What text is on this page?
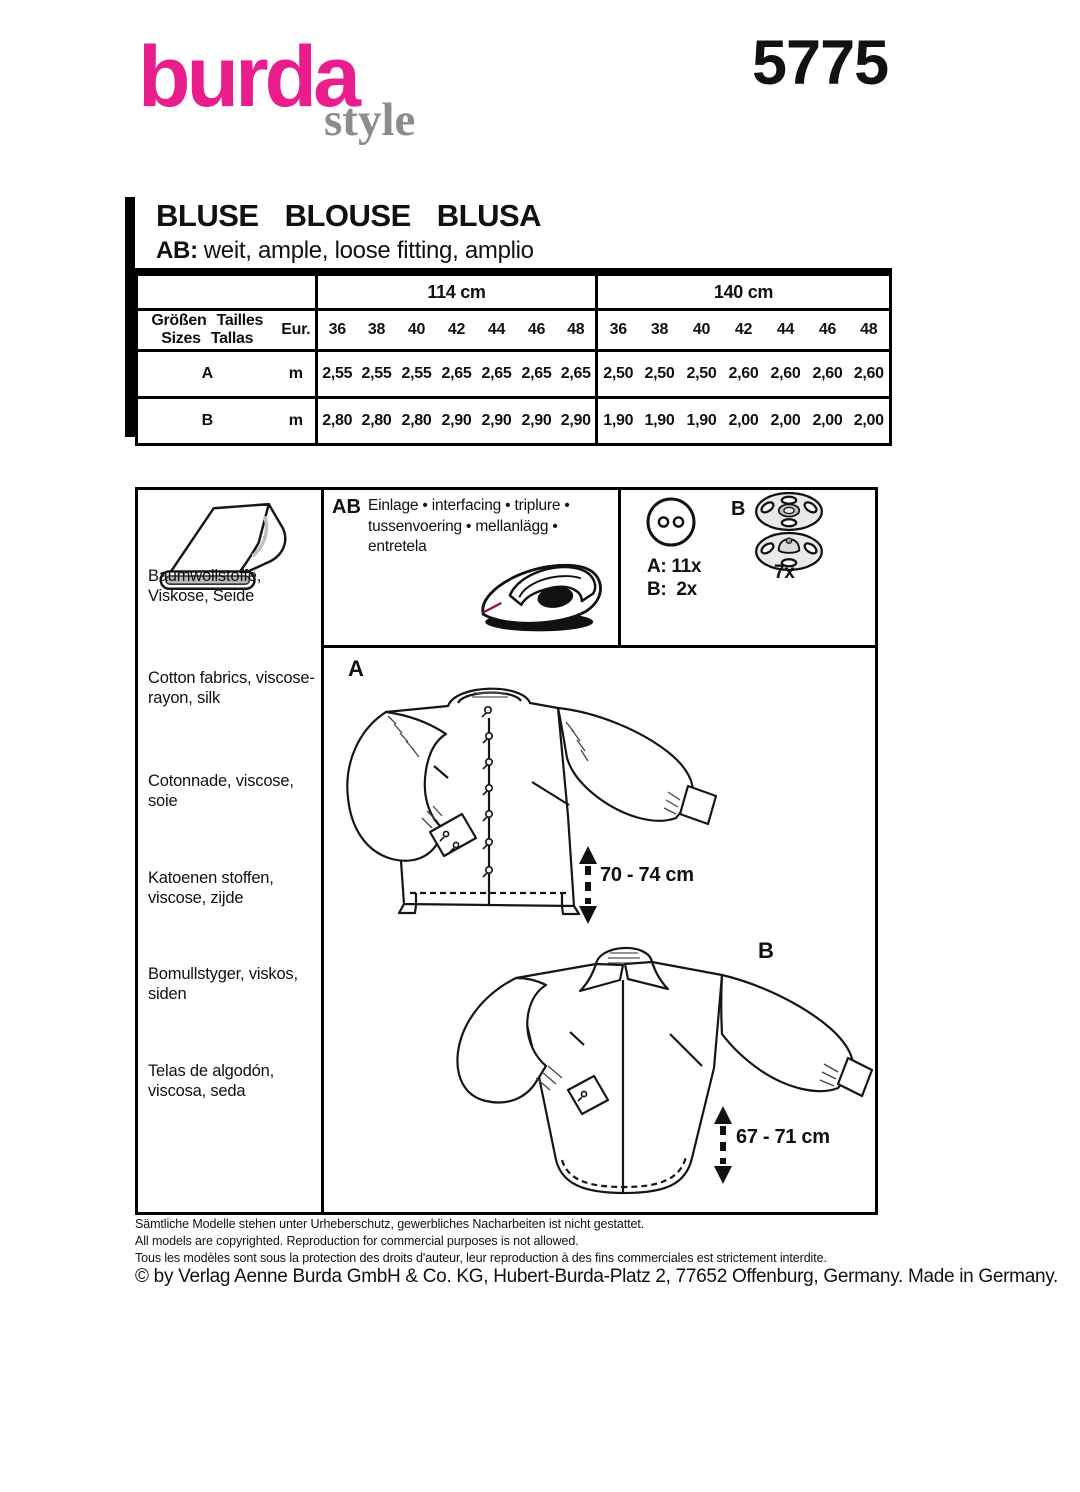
burda
style
5775
BLUSE BLOUSE BLUSA
AB: weit, ample, loose fitting, amplio
		114 cm							140 cm						

Größen Tailles
Sizes Tallas	Eur.	36	38	40	42	44	46	48	36	38	40	42	44	46	48
A	m	2,55	2,55	2,55	2,65	2,65	2,65	2,65	2,50	2,50	2,50	2,60	2,60	2,60	2,60
B	m	2,80	2,80	2,80	2,90	2,90	2,90	2,90	1,90	1,90	1,90	2,00	2,00	2,00	2,00
Baumwollstoffe, Viskose, Seide
Cotton fabrics, viscose-rayon, silk
Cotonnade, viscose, soie
Katoenen stoffen, viscose, zijde
Bomullstyger, viskos, siden
Telas de algodón, viscosa, seda
AB Einlage • interfacing • triplure •
tussenvoering • mellanlägg •
entretela
A: 11x
B:  2x
B
7x
A
B
70 - 74 cm
67 - 71 cm
Sämtliche Modelle stehen unter Urheberschutz, gewerbliches Nacharbeiten ist nicht gestattet.
All models are copyrighted. Reproduction for commercial purposes is not allowed.
Tous les modèles sont sous la protection des droits d'auteur, leur reproduction à des fins commerciales est strictement interdite.
© by Verlag Aenne Burda GmbH & Co. KG, Hubert-Burda-Platz 2, 77652 Offenburg, Germany. Made in Germany.
